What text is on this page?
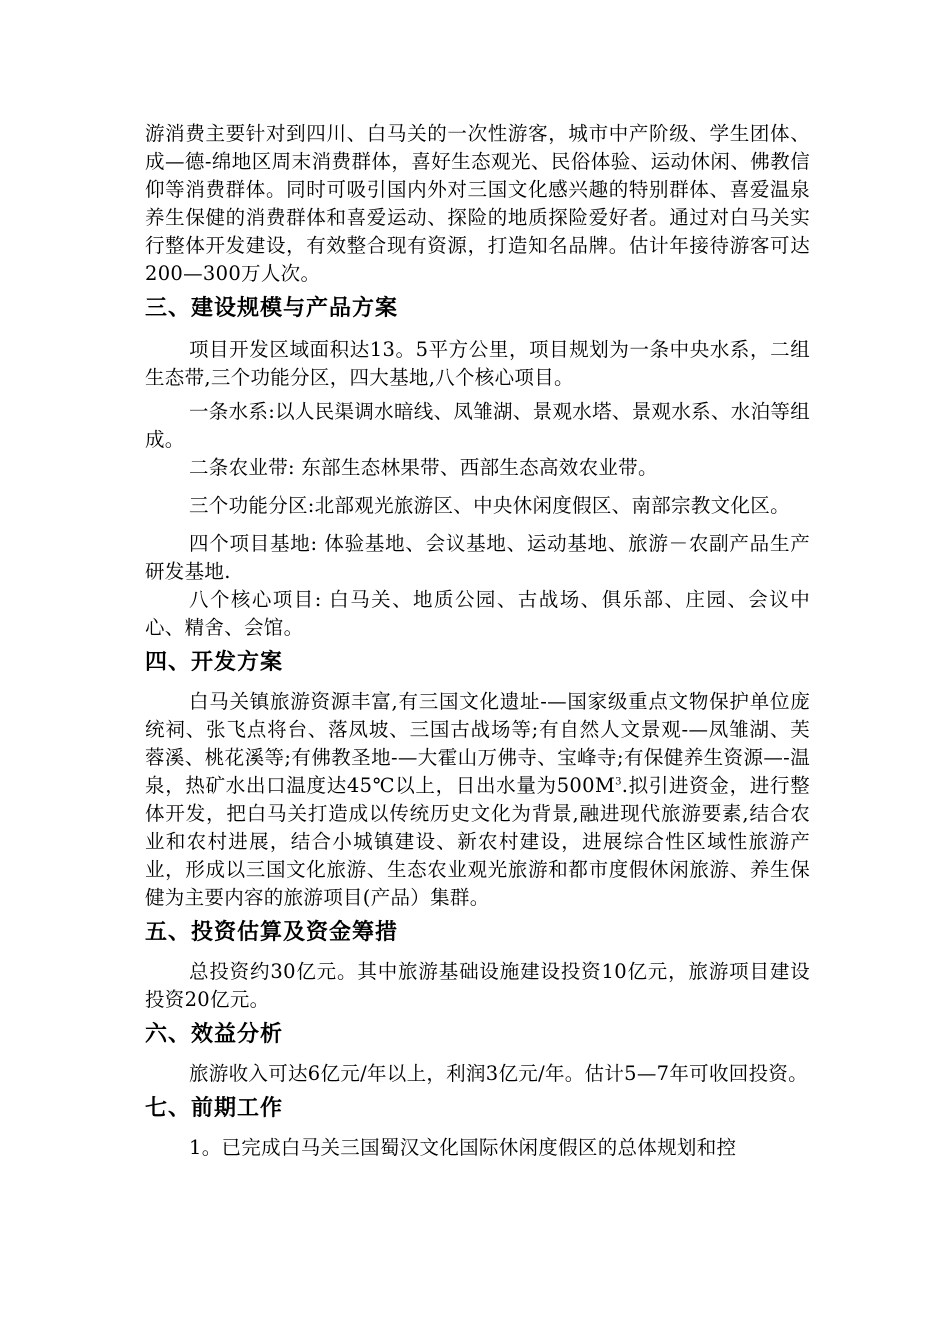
游消费主要针对到四川、白马关的一次性游客，城市中产阶级、学生团体、成—德-绵地区周末消费群体，喜好生态观光、民俗体验、运动休闲、佛教信仰等消费群体。同时可吸引国内外对三国文化感兴趣的特别群体、喜爱温泉养生保健的消费群体和喜爱运动、探险的地质探险爱好者。通过对白马关实行整体开发建设，有效整合现有资源，打造知名品牌。估计年接待游客可达200—300万人次。

三、建设规模与产品方案

项目开发区域面积达13。5平方公里，项目规划为一条中央水系，二组生态带,三个功能分区，四大基地,八个核心项目。

一条水系:以人民渠调水暗线、凤雏湖、景观水塔、景观水系、水泊等组成。

二条农业带: 东部生态林果带、西部生态高效农业带。

三个功能分区:北部观光旅游区、中央休闲度假区、南部宗教文化区。

四个项目基地: 体验基地、会议基地、运动基地、旅游－农副产品生产研发基地.

八个核心项目: 白马关、地质公园、古战场、俱乐部、庄园、会议中心、精舍、会馆。

四、开发方案

白马关镇旅游资源丰富,有三国文化遗址-—国家级重点文物保护单位庞统祠、张飞点将台、落凤坡、三国古战场等;有自然人文景观-—凤雏湖、芙蓉溪、桃花溪等;有佛教圣地-—大霍山万佛寺、宝峰寺;有保健养生资源—-温泉，热矿水出口温度达45℃以上，日出水量为$500M^3$.拟引进资金，进行整体开发，把白马关打造成以传统历史文化为背景,融进现代旅游要素,结合农业和农村进展，结合小城镇建设、新农村建设，进展综合性区域性旅游产业，形成以三国文化旅游、生态农业观光旅游和都市度假休闲旅游、养生保健为主要内容的旅游项目(产品）集群。

五、投资估算及资金筹措

总投资约30亿元。其中旅游基础设施建设投资10亿元，旅游项目建设投资20亿元。

六、效益分析

旅游收入可达6亿元/年以上，利润3亿元/年。估计5—7年可收回投资。

七、前期工作

1。已完成白马关三国蜀汉文化国际休闲度假区的总体规划和控
